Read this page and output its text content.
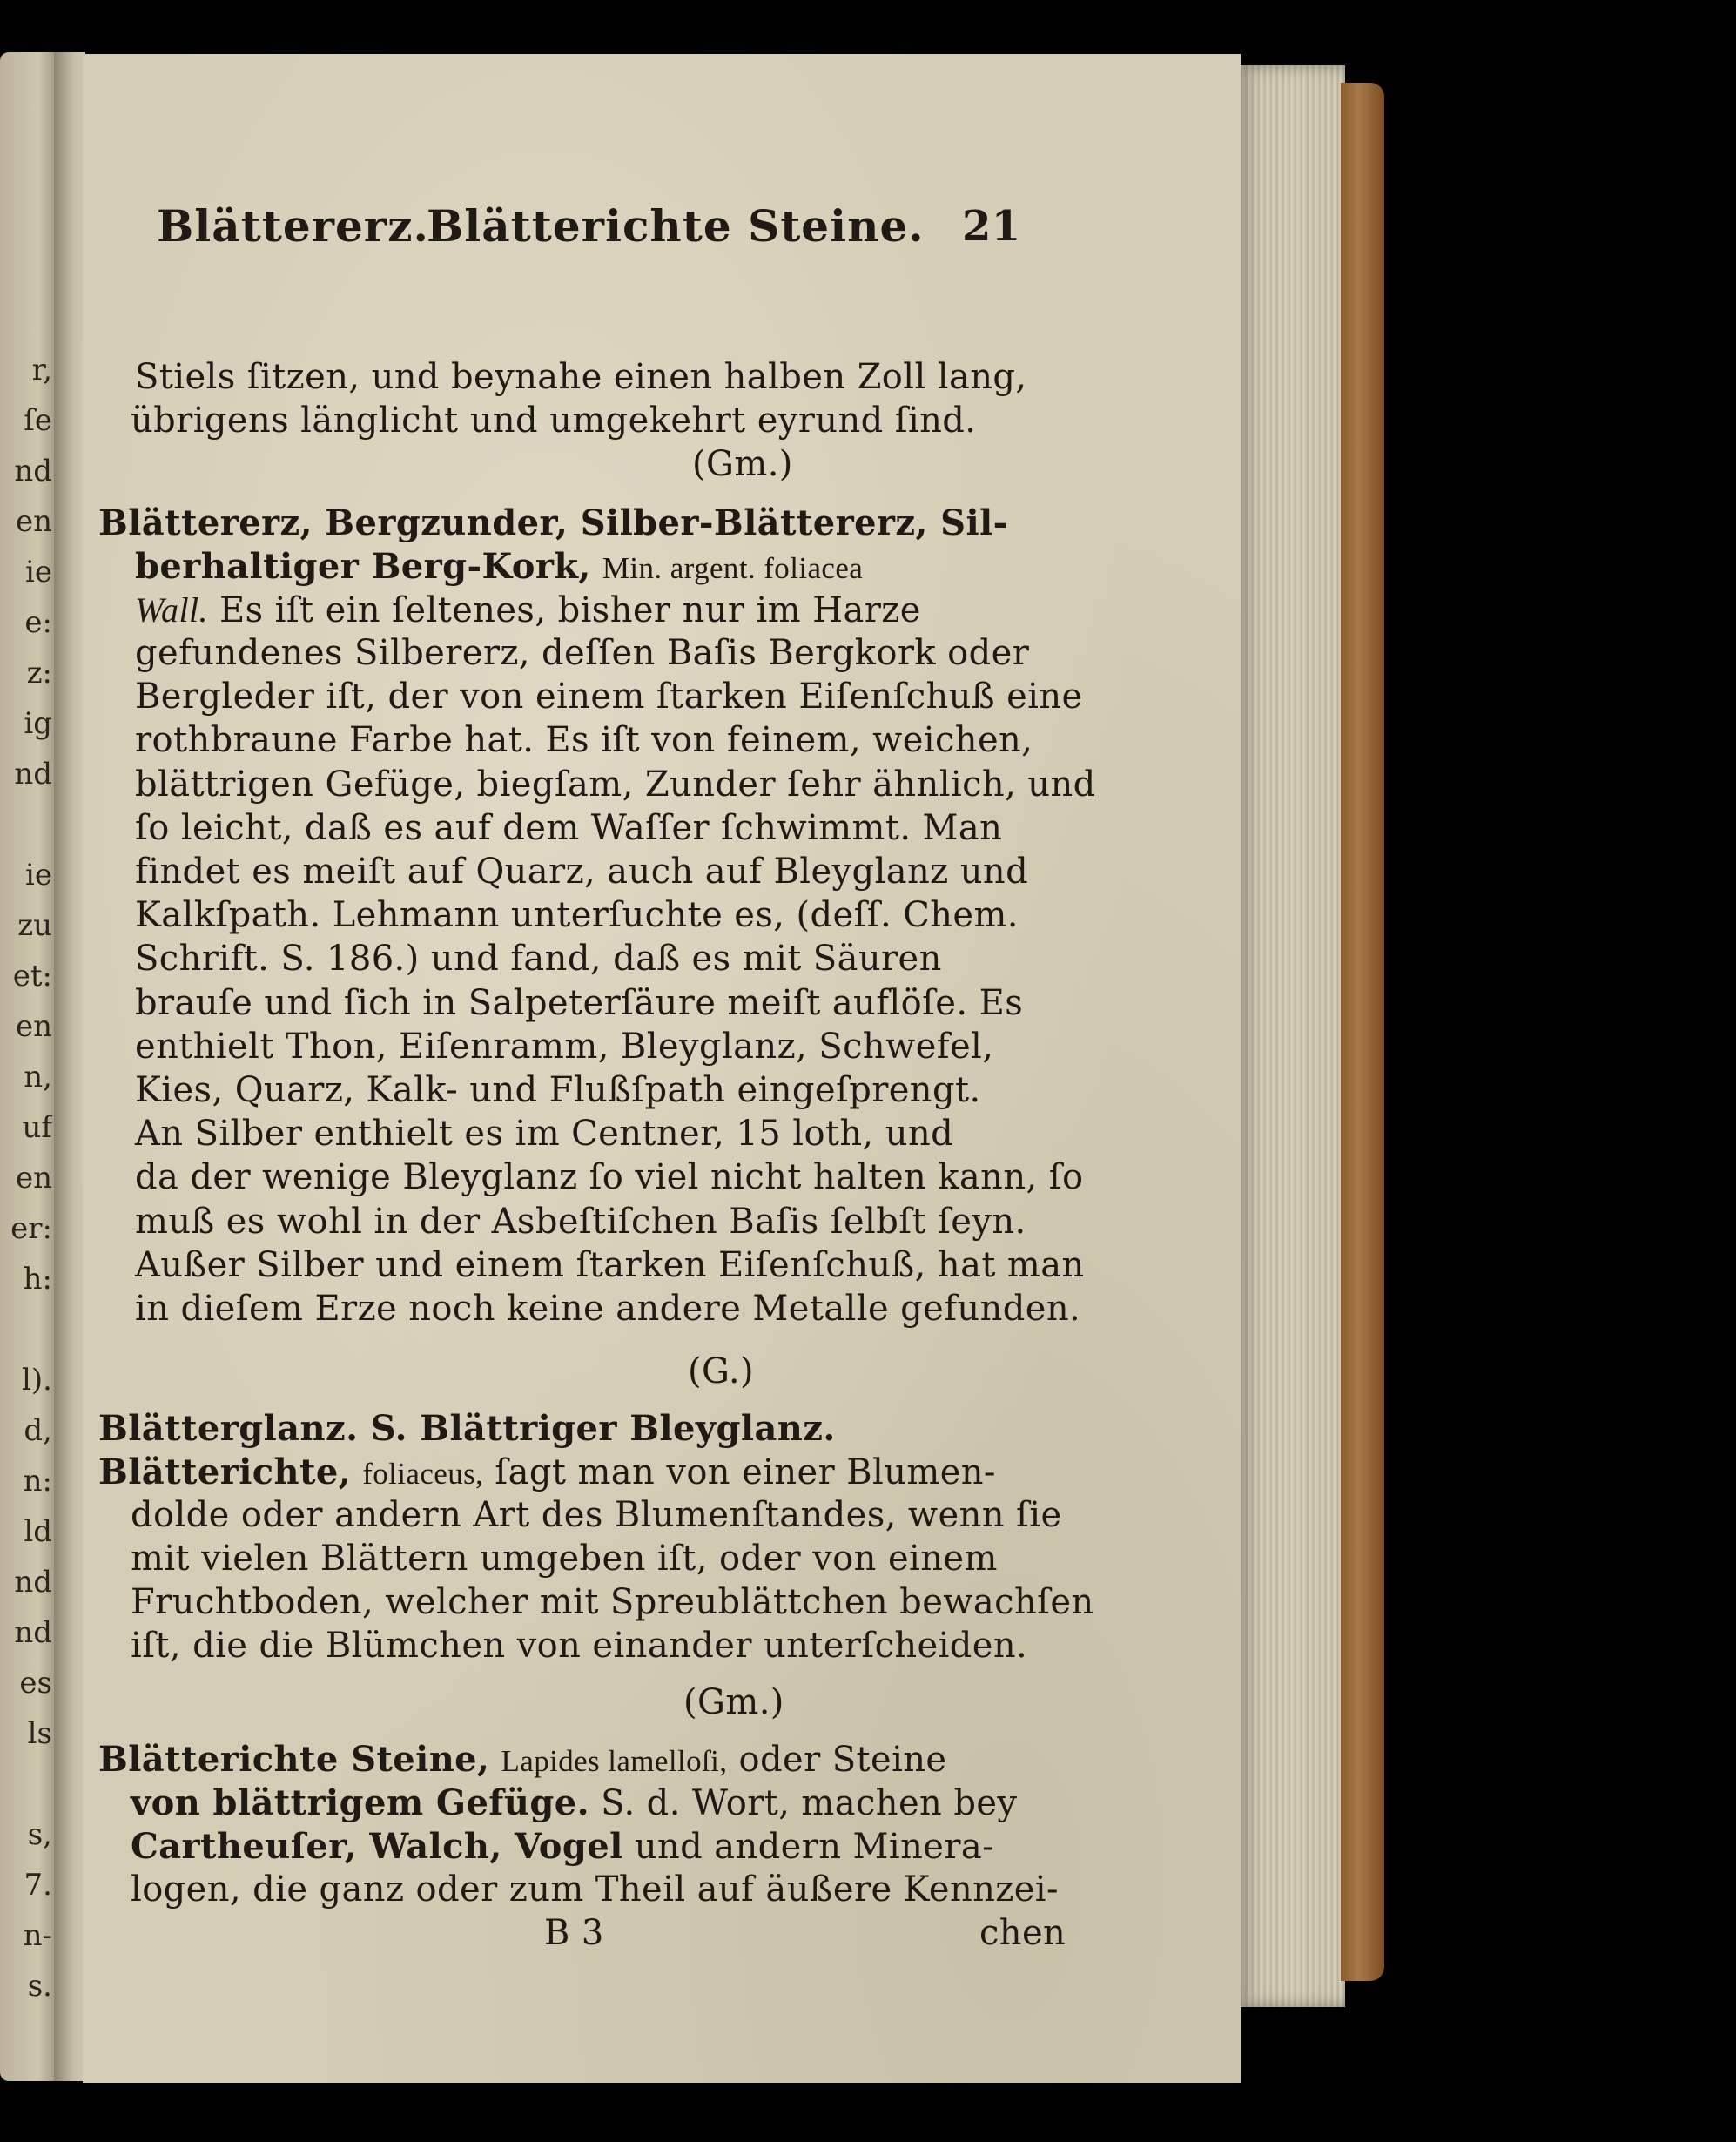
r,
ſe
nd
en
ie
e:
z:
ig
nd
ie
zu
et:
en
n,
uf
en
er:
h:
l).
d,
n:
ld
nd
nd
es
ls
s,
7.
n-
s.
Blättererz.
Blätterichte Steine. 21
Stiels ſitzen, und beynahe einen halben Zoll lang,
übrigens länglicht und umgekehrt eyrund ſind.
(Gm.)
Blättererz, Bergzunder, Silber-Blättererz, Sil-
berhaltiger Berg-Kork, Min. argent. foliacea
Wall. Es iſt ein ſeltenes, bisher nur im Harze
gefundenes Silbererz, deſſen Baſis Bergkork oder
Bergleder iſt, der von einem ſtarken Eiſenſchuß eine
rothbraune Farbe hat. Es iſt von feinem, weichen,
blättrigen Gefüge, biegſam, Zunder ſehr ähnlich, und
ſo leicht, daß es auf dem Waſſer ſchwimmt. Man
findet es meiſt auf Quarz, auch auf Bleyglanz und
Kalkſpath. Lehmann unterſuchte es, (deſſ. Chem.
Schrift. S. 186.) und fand, daß es mit Säuren
brauſe und ſich in Salpeterſäure meiſt auflöſe. Es
enthielt Thon, Eiſenramm, Bleyglanz, Schwefel,
Kies, Quarz, Kalk- und Flußſpath eingeſprengt.
An Silber enthielt es im Centner, 15 loth, und
da der wenige Bleyglanz ſo viel nicht halten kann, ſo
muß es wohl in der Asbeſtiſchen Baſis ſelbſt ſeyn.
Außer Silber und einem ſtarken Eiſenſchuß, hat man
in dieſem Erze noch keine andere Metalle gefunden.
(G.)
Blätterglanz. S. Blättriger Bleyglanz.
Blätterichte, foliaceus, ſagt man von einer Blumen-
dolde oder andern Art des Blumenſtandes, wenn ſie
mit vielen Blättern umgeben iſt, oder von einem
Fruchtboden, welcher mit Spreublättchen bewachſen
iſt, die die Blümchen von einander unterſcheiden.
(Gm.)
Blätterichte Steine, Lapides lamelloſi, oder Steine
von blättrigem Gefüge. S. d. Wort, machen bey
Cartheuſer, Walch, Vogel und andern Minera-
logen, die ganz oder zum Theil auf äußere Kennzei-
B 3	chen
